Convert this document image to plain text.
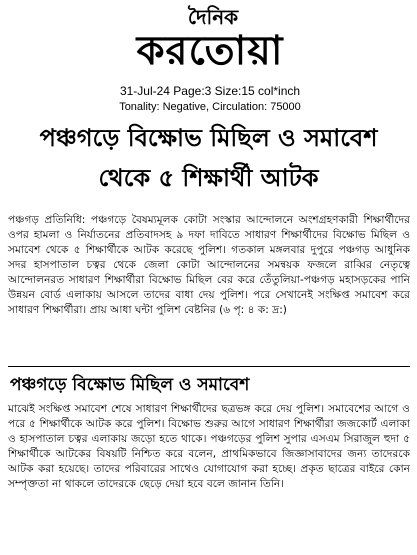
দৈনিক
করতোয়া
31-Jul-24 Page:3 Size:15 col*inch
Tonality: Negative, Circulation: 75000
পঞ্চগড়ে বিক্ষোভ মিছিল ও সমাবেশ
থেকে ৫ শিক্ষার্থী আটক
পঞ্চগড় প্রতিনিধি: পঞ্চগড়ে বৈষম্যমূলক কোটা সংস্কার আন্দোলনে অংশগ্রহণকারী শিক্ষার্থীদের ওপর হামলা ও নির্যাতনের প্রতিবাদসহ ৯ দফা দাবিতে সাধারণ শিক্ষার্থীদের বিক্ষোভ মিছিল ও সমাবেশ থেকে ৫ শিক্ষার্থীকে আটক করেছে পুলিশ। গতকাল মঙ্গলবার দুপুরে পঞ্চগড় আধুনিক সদর হাসপাতাল চত্বর থেকে জেলা কোটা আন্দোলনের সমন্বয়ক ফজলে রাব্বির নেতৃত্বে আন্দোলনরত সাধারণ শিক্ষার্থীরা বিক্ষোভ মিছিল বের করে তেঁতুলিয়া-পঞ্চগড় মহাসড়কের পানি উন্নয়ন বোর্ড এলাকায় আসলে তাদের বাধা দেয় পুলিশ। পরে সেখানেই সংক্ষিপ্ত সমাবেশ করে সাধারণ শিক্ষার্থীরা। প্রায় আধা ঘন্টা পুলিশ বেষ্টনির (৬ পৃ: ৪ ক: দ্র:)
পঞ্চগড়ে বিক্ষোভ মিছিল ও সমাবেশ
মাঝেই সংক্ষিপ্ত সমাবেশ শেষে সাধারণ শিক্ষার্থীদের ছত্রভঙ্গ করে দেয় পুলিশ। সমাবেশের আগে ও পরে ৫ শিক্ষার্থীকে আটক করে পুলিশ। বিক্ষোভ শুরুর আগে সাধারণ শিক্ষার্থীরা জজকোর্ট এলাকা ও হাসপাতাল চত্বর এলাকায় জড়ো হতে থাকে। পঞ্চগড়ের পুলিশ সুপার এসএম সিরাজুল হুদা ৫ শিক্ষার্থীকে আটকের বিষয়টি নিশ্চিত করে বলেন, প্রাথমিকভাবে জিজ্ঞাসাবাদের জন্য তাদেরকে আটক করা হয়েছে। তাদের পরিবারের সাথেও যোগাযোগ করা হচ্ছে। প্রকৃত ছাত্রের বাইরে কোন সম্পৃক্ততা না থাকলে তাদেরকে ছেড়ে দেয়া হবে বলে জানান তিনি।
